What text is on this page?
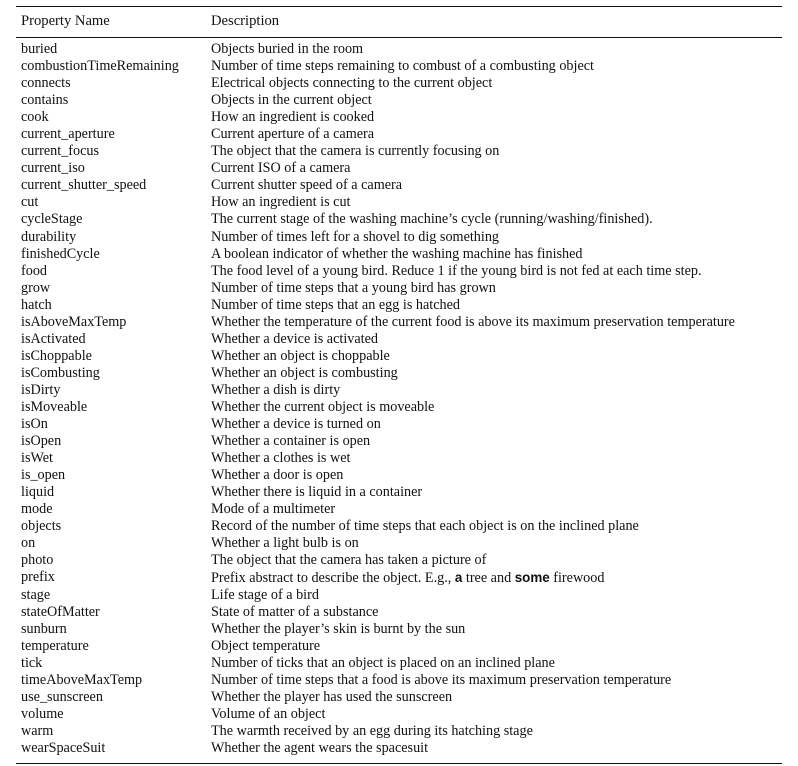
Property Name	Description
buried	Objects buried in the room
combustionTimeRemaining	Number of time steps remaining to combust of a combusting object
connects	Electrical objects connecting to the current object
contains	Objects in the current object
cook	How an ingredient is cooked
current_aperture	Current aperture of a camera
current_focus	The object that the camera is currently focusing on
current_iso	Current ISO of a camera
current_shutter_speed	Current shutter speed of a camera
cut	How an ingredient is cut
cycleStage	The current stage of the washing machine’s cycle (running/washing/finished).
durability	Number of times left for a shovel to dig something
finishedCycle	A boolean indicator of whether the washing machine has finished
food	The food level of a young bird. Reduce 1 if the young bird is not fed at each time step.
grow	Number of time steps that a young bird has grown
hatch	Number of time steps that an egg is hatched
isAboveMaxTemp	Whether the temperature of the current food is above its maximum preservation temperature
isActivated	Whether a device is activated
isChoppable	Whether an object is choppable
isCombusting	Whether an object is combusting
isDirty	Whether a dish is dirty
isMoveable	Whether the current object is moveable
isOn	Whether a device is turned on
isOpen	Whether a container is open
isWet	Whether a clothes is wet
is_open	Whether a door is open
liquid	Whether there is liquid in a container
mode	Mode of a multimeter
objects	Record of the number of time steps that each object is on the inclined plane
on	Whether a light bulb is on
photo	The object that the camera has taken a picture of
prefix	Prefix abstract to describe the object. E.g., a tree and some firewood
stage	Life stage of a bird
stateOfMatter	State of matter of a substance
sunburn	Whether the player’s skin is burnt by the sun
temperature	Object temperature
tick	Number of ticks that an object is placed on an inclined plane
timeAboveMaxTemp	Number of time steps that a food is above its maximum preservation temperature
use_sunscreen	Whether the player has used the sunscreen
volume	Volume of an object
warm	The warmth received by an egg during its hatching stage
wearSpaceSuit	Whether the agent wears the spacesuit
